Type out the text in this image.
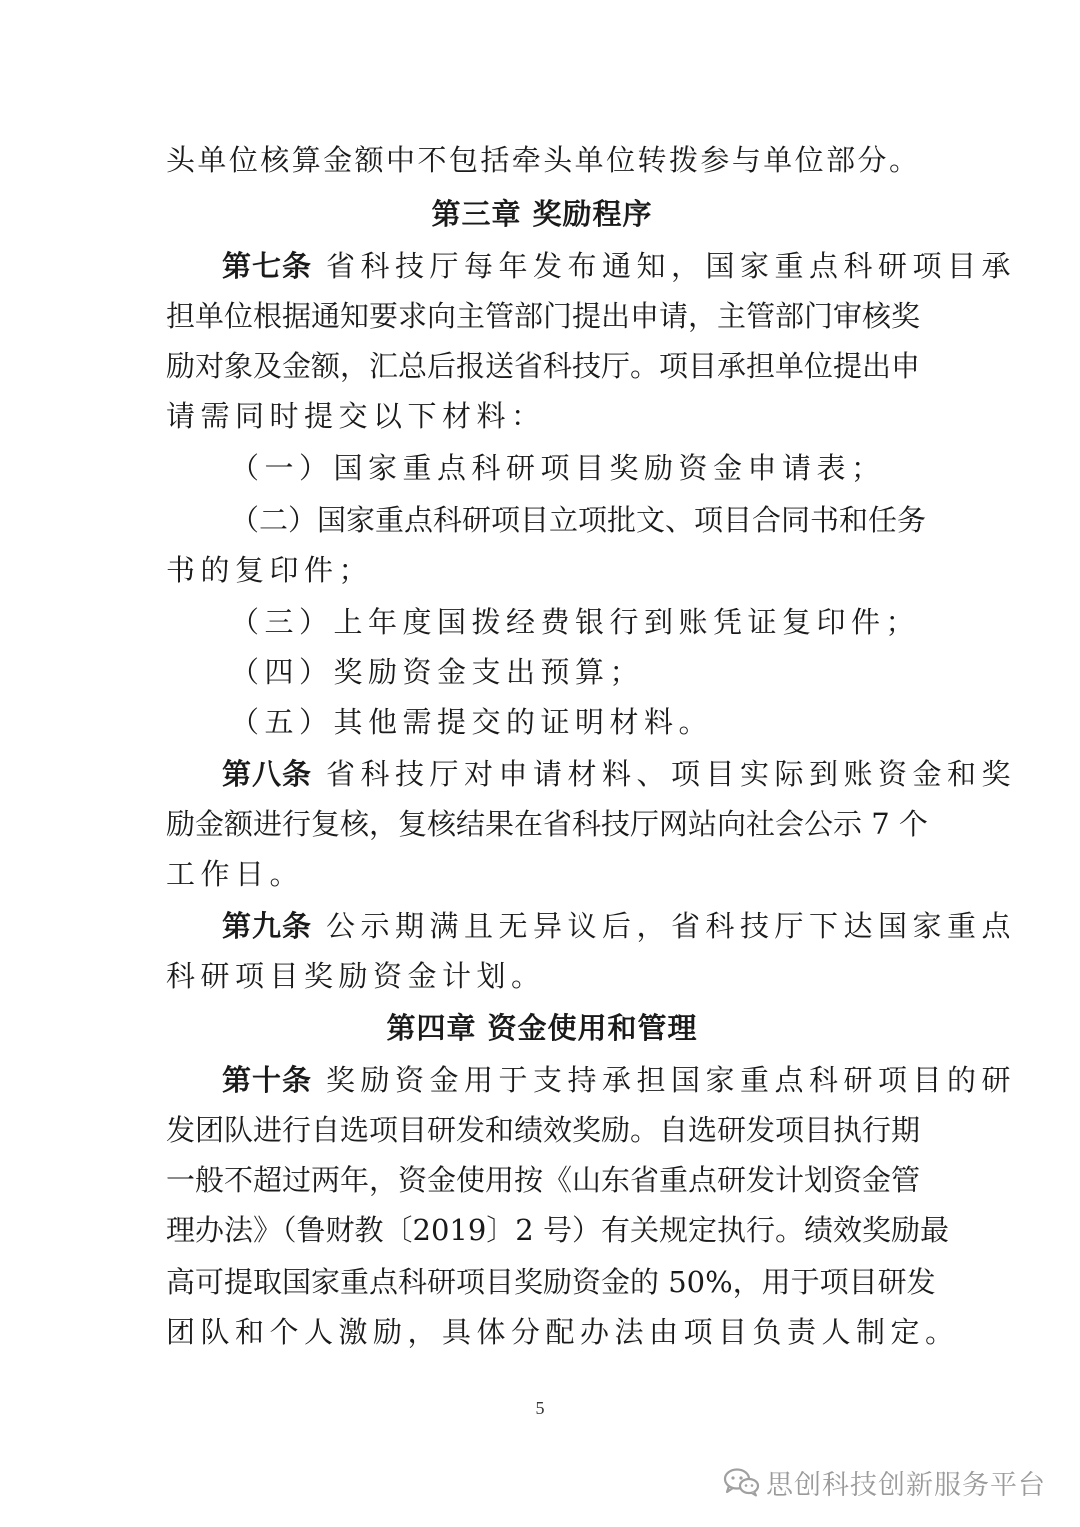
头单位核算金额中不包括牵头单位转拨参与单位部分。
第三章 奖励程序
第七条 省科技厅每年发布通知，国家重点科研项目承
担单位根据通知要求向主管部门提出申请，主管部门审核奖
励对象及金额，汇总后报送省科技厅。项目承担单位提出申
请需同时提交以下材料：
（一）国家重点科研项目奖励资金申请表；
（二）国家重点科研项目立项批文、项目合同书和任务
书的复印件；
（三）上年度国拨经费银行到账凭证复印件；
（四）奖励资金支出预算；
（五）其他需提交的证明材料。
第八条 省科技厅对申请材料、项目实际到账资金和奖
励金额进行复核，复核结果在省科技厅网站向社会公示 7 个
工作日。
第九条 公示期满且无异议后，省科技厅下达国家重点
科研项目奖励资金计划。
第四章 资金使用和管理
第十条 奖励资金用于支持承担国家重点科研项目的研
发团队进行自选项目研发和绩效奖励。自选研发项目执行期
一般不超过两年，资金使用按《山东省重点研发计划资金管
理办法》（鲁财教〔2019〕2 号）有关规定执行。绩效奖励最
高可提取国家重点科研项目奖励资金的 50%，用于项目研发
团队和个人激励，具体分配办法由项目负责人制定。
5
思创科技创新服务平台
